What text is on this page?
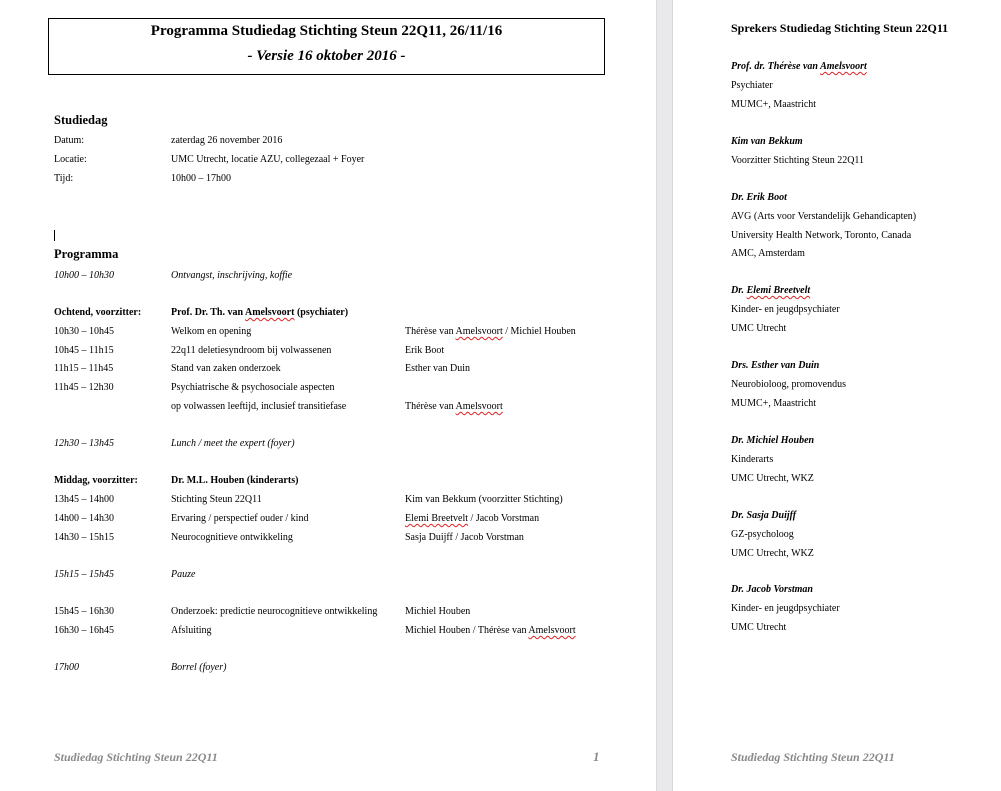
Programma Studiedag Stichting Steun 22Q11, 26/11/16
- Versie 16 oktober 2016 -
Studiedag
Datum:	zaterdag 26 november 2016
Locatie:	UMC Utrecht, locatie AZU, collegezaal + Foyer
Tijd:	10h00 – 17h00
Programma
10h00 – 10h30	Ontvangst, inschrijving, koffie
Ochtend, voorzitter:	Prof. Dr. Th. van Amelsvoort (psychiater)
10h30 – 10h45	Welkom en opening	Thérèse van Amelsvoort / Michiel Houben
10h45 – 11h15	22q11 deletiesyndroom bij volwassenen	Erik Boot
11h15 – 11h45	Stand van zaken onderzoek	Esther van Duin
11h45 – 12h30	Psychiatrische & psychosociale aspecten
op volwassen leeftijd, inclusief transitiefase	Thérèse van Amelsvoort
12h30 – 13h45	Lunch / meet the expert (foyer)
Middag, voorzitter:	Dr. M.L. Houben (kinderarts)
13h45 – 14h00	Stichting Steun 22Q11	Kim van Bekkum (voorzitter Stichting)
14h00 – 14h30	Ervaring / perspectief ouder / kind	Elemi Breetvelt / Jacob Vorstman
14h30 – 15h15	Neurocognitieve ontwikkeling	Sasja Duijff / Jacob Vorstman
15h15 – 15h45	Pauze
15h45 – 16h30	Onderzoek: predictie neurocognitieve ontwikkeling	Michiel Houben
16h30 – 16h45	Afsluiting	Michiel Houben / Thérèse van Amelsvoort
17h00	Borrel (foyer)
Studiedag Stichting Steun 22Q11	1
Sprekers Studiedag Stichting Steun 22Q11
Prof. dr. Thérèse van Amelsvoort
Psychiater
MUMC+, Maastricht
Kim van Bekkum
Voorzitter Stichting Steun 22Q11
Dr. Erik Boot
AVG (Arts voor Verstandelijk Gehandicapten)
University Health Network, Toronto, Canada
AMC, Amsterdam
Dr. Elemi Breetvelt
Kinder- en jeugdpsychiater
UMC Utrecht
Drs. Esther van Duin
Neurobioloog, promovendus
MUMC+, Maastricht
Dr. Michiel Houben
Kinderarts
UMC Utrecht, WKZ
Dr. Sasja Duijff
GZ-psycholoog
UMC Utrecht, WKZ
Dr. Jacob Vorstman
Kinder- en jeugdpsychiater
UMC Utrecht
Studiedag Stichting Steun 22Q11
